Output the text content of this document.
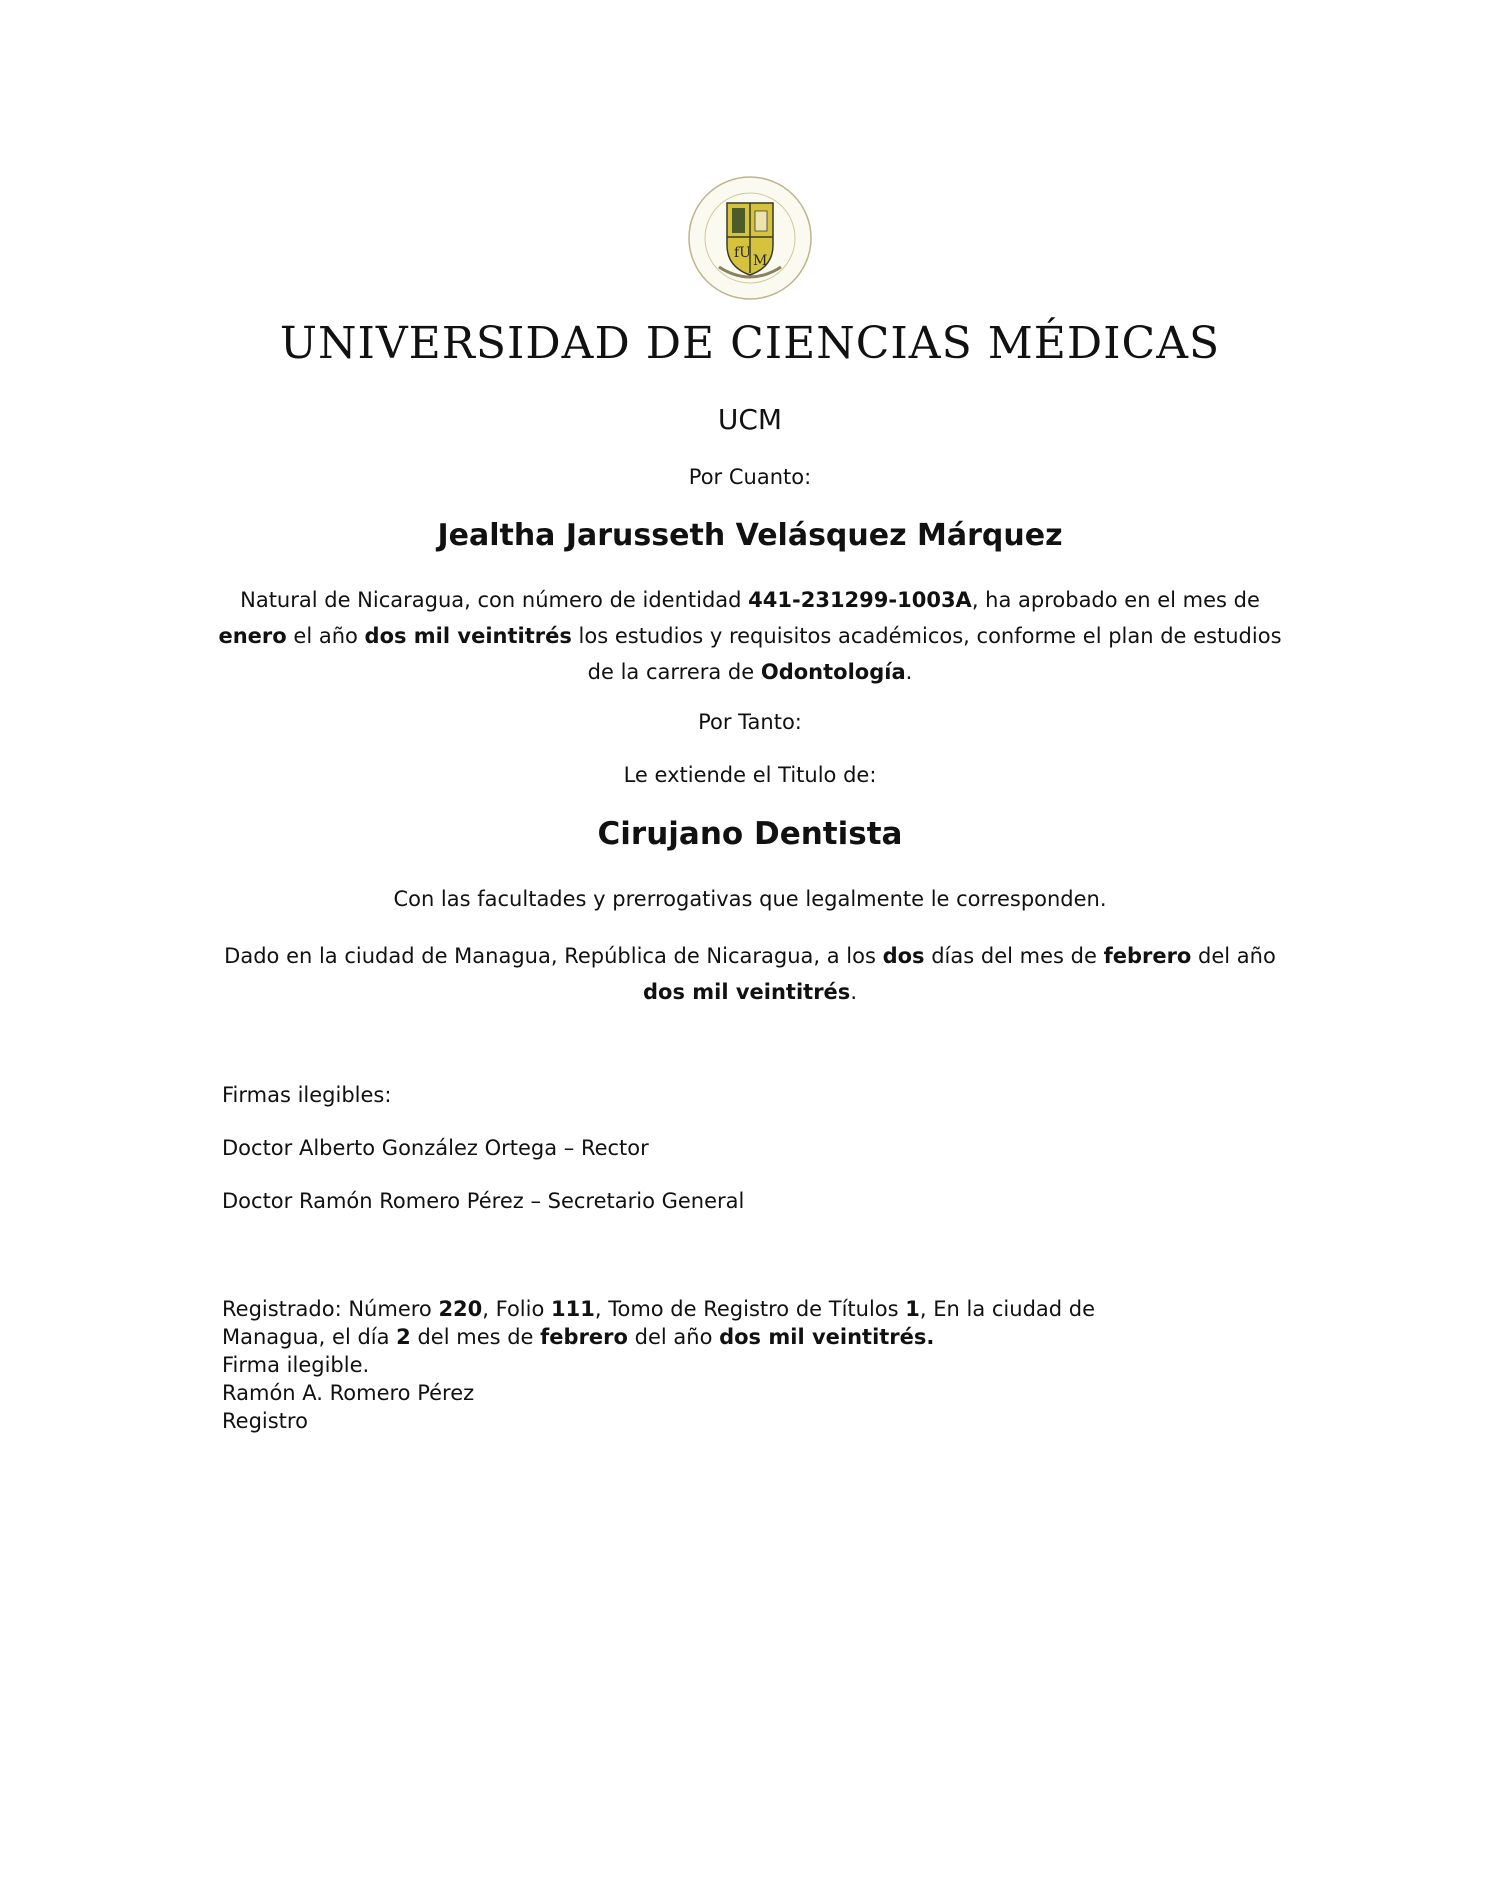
fU M
UNIVERSIDAD DE CIENCIAS MÉDICAS
UCM
Por Cuanto:
Jealtha Jarusseth Velásquez Márquez
Natural de Nicaragua, con número de identidad 441-231299-1003A, ha aprobado en el mes de enero el año dos mil veintitrés los estudios y requisitos académicos, conforme el plan de estudios de la carrera de Odontología.
Por Tanto:
Le extiende el Titulo de:
Cirujano Dentista
Con las facultades y prerrogativas que legalmente le corresponden.
Dado en la ciudad de Managua, República de Nicaragua, a los dos días del mes de febrero del año
dos mil veintitrés.
Firmas ilegibles:
Doctor Alberto González Ortega – Rector
Doctor Ramón Romero Pérez – Secretario General
Registrado: Número 220, Folio 111, Tomo de Registro de Títulos 1, En la ciudad de Managua, el día 2 del mes de febrero del año dos mil veintitrés.
Firma ilegible.
Ramón A. Romero Pérez
Registro
